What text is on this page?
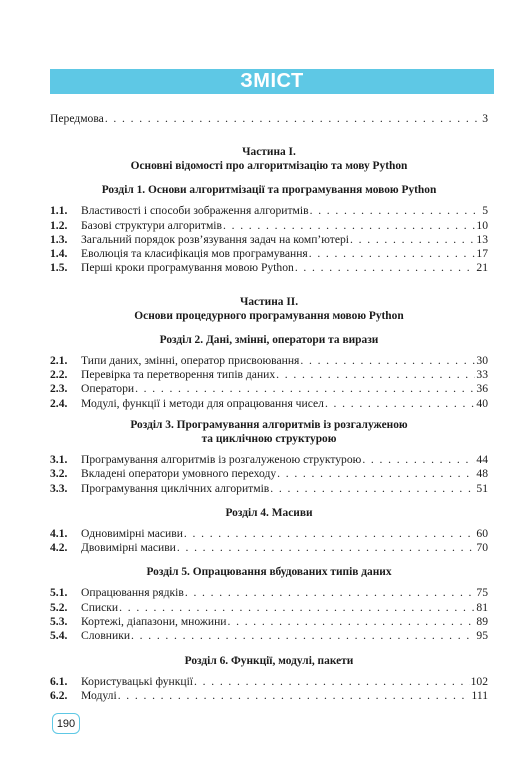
ЗМІСТ
Передмова . . .	3
Частина І.
Основні відомості про алгоритмізацію та мову Python
Розділ 1. Основи алгоритмізації та програмування мовою Python
1.1.	Властивості і способи зображення алгоритмів . . .	5
1.2.	Базові структури алгоритмів . . .	10
1.3.	Загальний порядок розв’язування задач на комп’ютері . . .	13
1.4.	Еволюція та класифікація мов програмування . . .	17
1.5.	Перші кроки програмування мовою Python . . .	21
Частина ІІ.
Основи процедурного програмування мовою Python
Розділ 2. Дані, змінні, оператори та вирази
2.1.	Типи даних, змінні, оператор присвоювання . . .	30
2.2.	Перевірка та перетворення типів даних . . .	33
2.3.	Оператори . . .	36
2.4.	Модулі, функції і методи для опрацювання чисел . . .	40
Розділ 3. Програмування алгоритмів із розгалуженою
та циклічною структурою
3.1.	Програмування алгоритмів із розгалуженою структурою . . .	44
3.2.	Вкладені оператори умовного переходу . . .	48
3.3.	Програмування циклічних алгоритмів . . .	51
Розділ 4. Масиви
4.1.	Одновимірні масиви . . .	60
4.2.	Двовимірні масиви . . .	70
Розділ 5. Опрацювання вбудованих типів даних
5.1.	Опрацювання рядків . . .	75
5.2.	Списки . . .	81
5.3.	Кортежі, діапазони, множини . . .	89
5.4.	Словники . . .	95
Розділ 6. Функції, модулі, пакети
6.1.	Користувацькі функції . . .	102
6.2.	Модулі . . .	111
190
